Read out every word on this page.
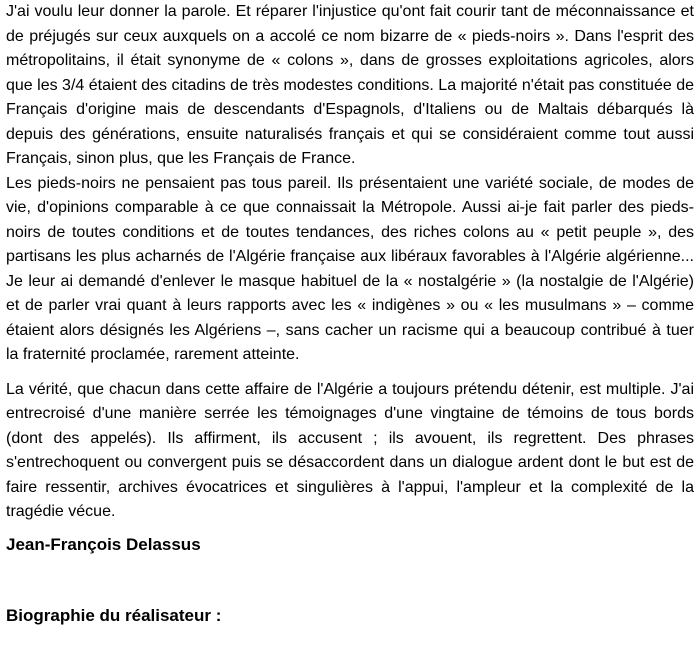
J'ai voulu leur donner la parole. Et réparer l'injustice qu'ont fait courir tant de méconnaissance et de préjugés sur ceux auxquels on a accolé ce nom bizarre de « pieds-noirs ». Dans l'esprit des métropolitains, il était synonyme de « colons », dans de grosses exploitations agricoles, alors que les 3/4 étaient des citadins de très modestes conditions. La majorité n'était pas constituée de Français d'origine mais de descendants d'Espagnols, d'Italiens ou de Maltais débarqués là depuis des générations, ensuite naturalisés français et qui se considéraient comme tout aussi Français, sinon plus, que les Français de France.

Les pieds-noirs ne pensaient pas tous pareil. Ils présentaient une variété sociale, de modes de vie, d'opinions comparable à ce que connaissait la Métropole. Aussi ai-je fait parler des pieds-noirs de toutes conditions et de toutes tendances, des riches colons au « petit peuple », des partisans les plus acharnés de l'Algérie française aux libéraux favorables à l'Algérie algérienne... Je leur ai demandé d'enlever le masque habituel de la « nostalgérie » (la nostalgie de l'Algérie) et de parler vrai quant à leurs rapports avec les « indigènes » ou « les musulmans » – comme étaient alors désignés les Algériens –, sans cacher un racisme qui a beaucoup contribué à tuer la fraternité proclamée, rarement atteinte.

La vérité, que chacun dans cette affaire de l'Algérie a toujours prétendu détenir, est multiple. J'ai entrecroisé d'une manière serrée les témoignages d'une vingtaine de témoins de tous bords (dont des appelés). Ils affirment, ils accusent ; ils avouent, ils regrettent. Des phrases s'entrechoquent ou convergent puis se désaccordent dans un dialogue ardent dont le but est de faire ressentir, archives évocatrices et singulières à l'appui, l'ampleur et la complexité de la tragédie vécue.

Jean-François Delassus
Biographie du réalisateur :
